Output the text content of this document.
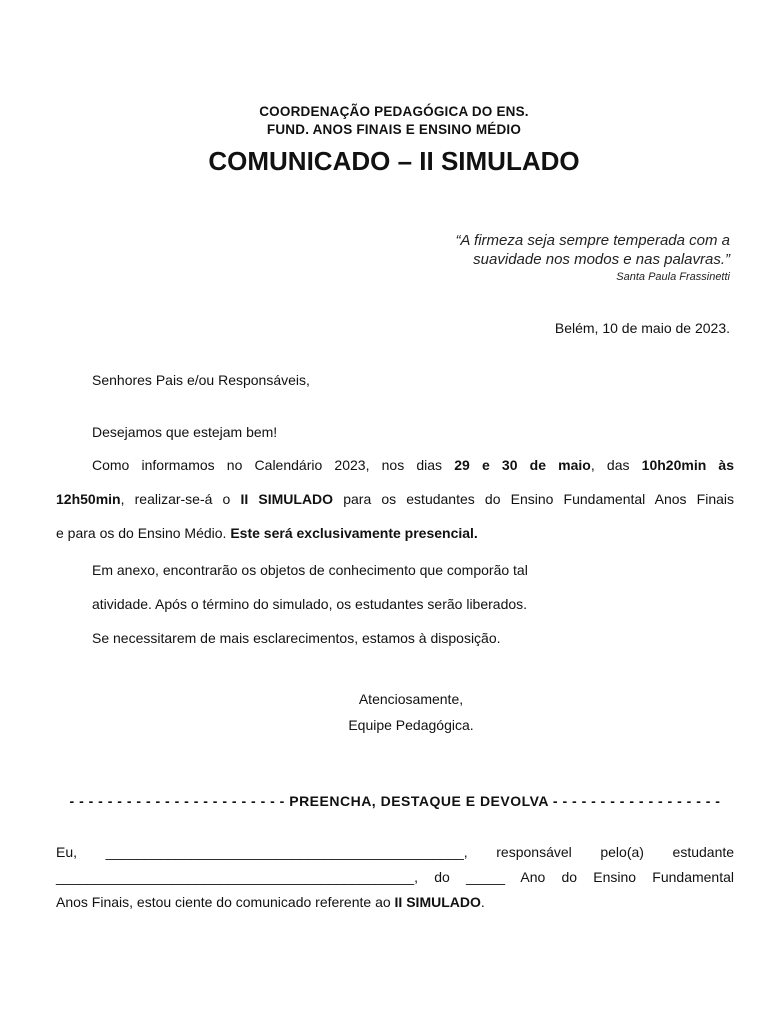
COORDENAÇÃO PEDAGÓGICA DO ENS.
FUND. ANOS FINAIS E ENSINO MÉDIO
COMUNICADO – II SIMULADO
“A firmeza seja sempre temperada com a
suavidade nos modos e nas palavras.”
Santa Paula Frassinetti
Belém, 10 de maio de 2023.
Senhores Pais e/ou Responsáveis,
Desejamos que estejam bem!
Como informamos no Calendário 2023, nos dias 29 e 30 de maio, das 10h20min às
12h50min, realizar-se-á o II SIMULADO para os estudantes do Ensino Fundamental Anos Finais
e para os do Ensino Médio. Este será exclusivamente presencial.
Em anexo, encontrarão os objetos de conhecimento que comporão tal
atividade. Após o término do simulado, os estudantes serão liberados.
Se necessitarem de mais esclarecimentos, estamos à disposição.
Atenciosamente,
Equipe Pedagógica.
- - - - - - - - - - - - - - - - - - - - - - - PREENCHA, DESTAQUE E DEVOLVA - - - - - - - - - - - - - - - - - -
Eu, ______________________________________________, responsável pelo(a) estudante
______________________________________________, do _____ Ano do Ensino Fundamental
Anos Finais, estou ciente do comunicado referente ao II SIMULADO.
